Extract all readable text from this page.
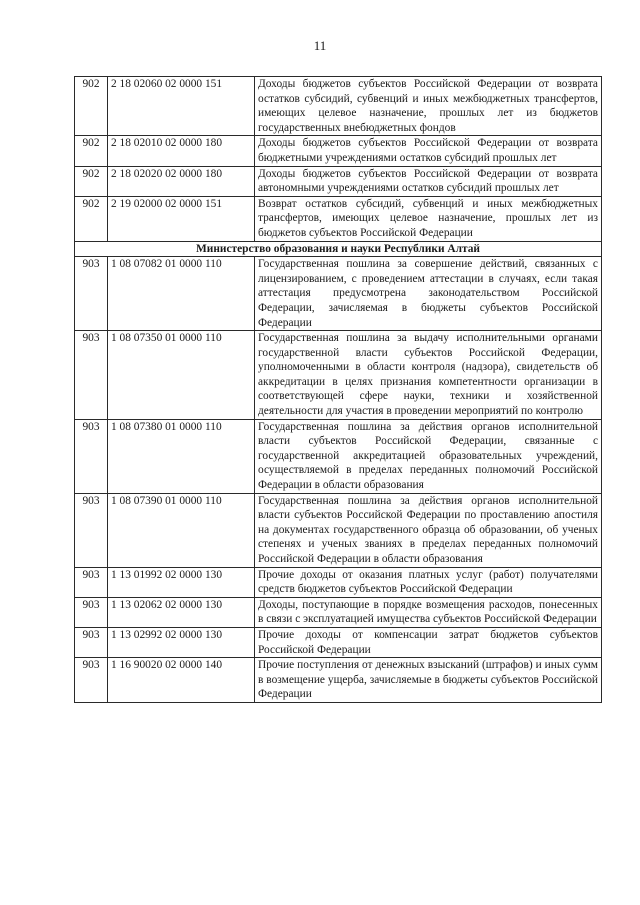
11
902	2 18 02060 02 0000 151	Доходы бюджетов субъектов Российской Федерации от возврата остатков субсидий, субвенций и иных межбюджетных трансфертов, имеющих целевое назначение, прошлых лет из бюджетов государственных внебюджетных фондов
902	2 18 02010 02 0000 180	Доходы бюджетов субъектов Российской Федерации от возврата бюджетными учреждениями остатков субсидий прошлых лет
902	2 18 02020 02 0000 180	Доходы бюджетов субъектов Российской Федерации от возврата автономными учреждениями остатков субсидий прошлых лет
902	2 19 02000 02 0000 151	Возврат остатков субсидий, субвенций и иных межбюджетных трансфертов, имеющих целевое назначение, прошлых лет из бюджетов субъектов Российской Федерации
Министерство образования и науки Республики Алтай		
903	1 08 07082 01 0000 110	Государственная пошлина за совершение действий, связанных с лицензированием, с проведением аттестации в случаях, если такая аттестация предусмотрена законодательством Российской Федерации, зачисляемая в бюджеты субъектов Российской Федерации
903	1 08 07350 01 0000 110	Государственная пошлина за выдачу исполнительными органами государственной власти субъектов Российской Федерации, уполномоченными в области контроля (надзора), свидетельств об аккредитации в целях признания компетентности организации в соответствующей сфере науки, техники и хозяйственной деятельности для участия в проведении мероприятий по контролю
903	1 08 07380 01 0000 110	Государственная пошлина за действия органов исполнительной власти субъектов Российской Федерации, связанные с государственной аккредитацией образовательных учреждений, осуществляемой в пределах переданных полномочий Российской Федерации в области образования
903	1 08 07390 01 0000 110	Государственная пошлина за действия органов исполнительной власти субъектов Российской Федерации по проставлению апостиля на документах государственного образца об образовании, об ученых степенях и ученых званиях в пределах переданных полномочий Российской Федерации в области образования
903	1 13 01992 02 0000 130	Прочие доходы от оказания платных услуг (работ) получателями средств бюджетов субъектов Российской Федерации
903	1 13 02062 02 0000 130	Доходы, поступающие в порядке возмещения расходов, понесенных в связи с эксплуатацией имущества субъектов Российской Федерации
903	1 13 02992 02 0000 130	Прочие доходы от компенсации затрат бюджетов субъектов Российской Федерации
903	1 16 90020 02 0000 140	Прочие поступления от денежных взысканий (штрафов) и иных сумм в возмещение ущерба, зачисляемые в бюджеты субъектов Российской Федерации
